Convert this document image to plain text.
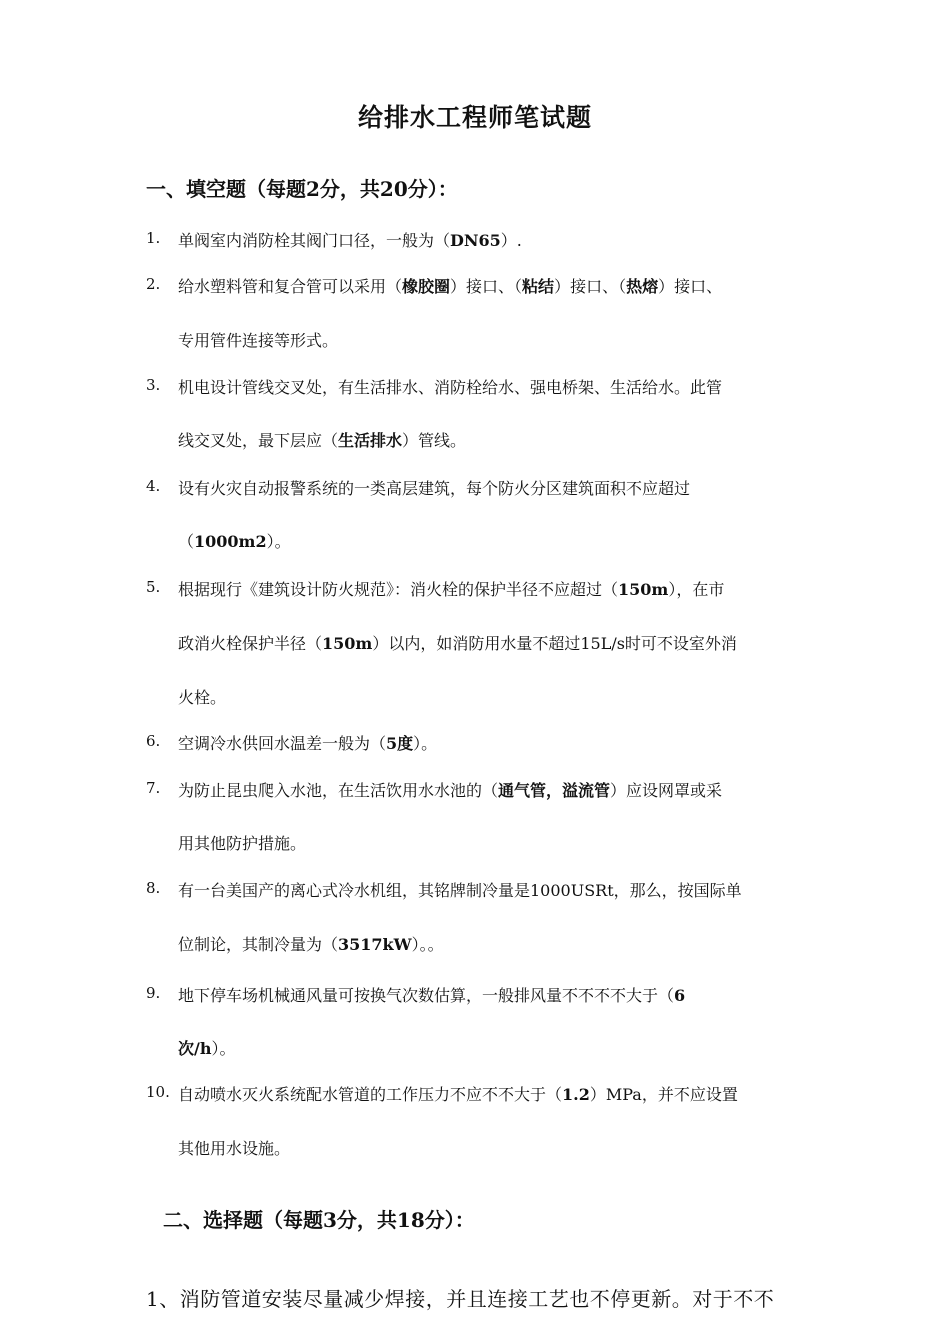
给排水工程师笔试题
一、填空题（每题2分，共20分）：
1. 单阀室内消防栓其阀门口径，一般为（DN65）.
2. 给水塑料管和复合管可以采用（橡胶圈）接口、（粘结）接口、（热熔）接口、
专用管件连接等形式。
3. 机电设计管线交叉处，有生活排水、消防栓给水、强电桥架、生活给水。此管
线交叉处，最下层应（生活排水）管线。
4. 设有火灾自动报警系统的一类高层建筑，每个防火分区建筑面积不应超过
（1000m2）。
5. 根据现行《建筑设计防火规范》：消火栓的保护半径不应超过（150m），在市
政消火栓保护半径（150m）以内，如消防用水量不超过15L/s时可不设室外消
火栓。
6. 空调冷水供回水温差一般为（5度）。
7. 为防止昆虫爬入水池，在生活饮用水水池的（通气管，溢流管）应设网罩或采
用其他防护措施。
8. 有一台美国产的离心式冷水机组，其铭牌制冷量是1000USRt，那么，按国际单
位制论，其制冷量为（3517kW）。。
9. 地下停车场机械通风量可按换气次数估算，一般排风量不不不不大于（6
次/h）。
10. 自动喷水灭火系统配水管道的工作压力不应不不大于（1.2）MPa，并不应设置
其他用水设施。
二、选择题（每题3分，共18分）：
1、消防管道安装尽量减少焊接，并且连接工艺也不停更新。对于不不
